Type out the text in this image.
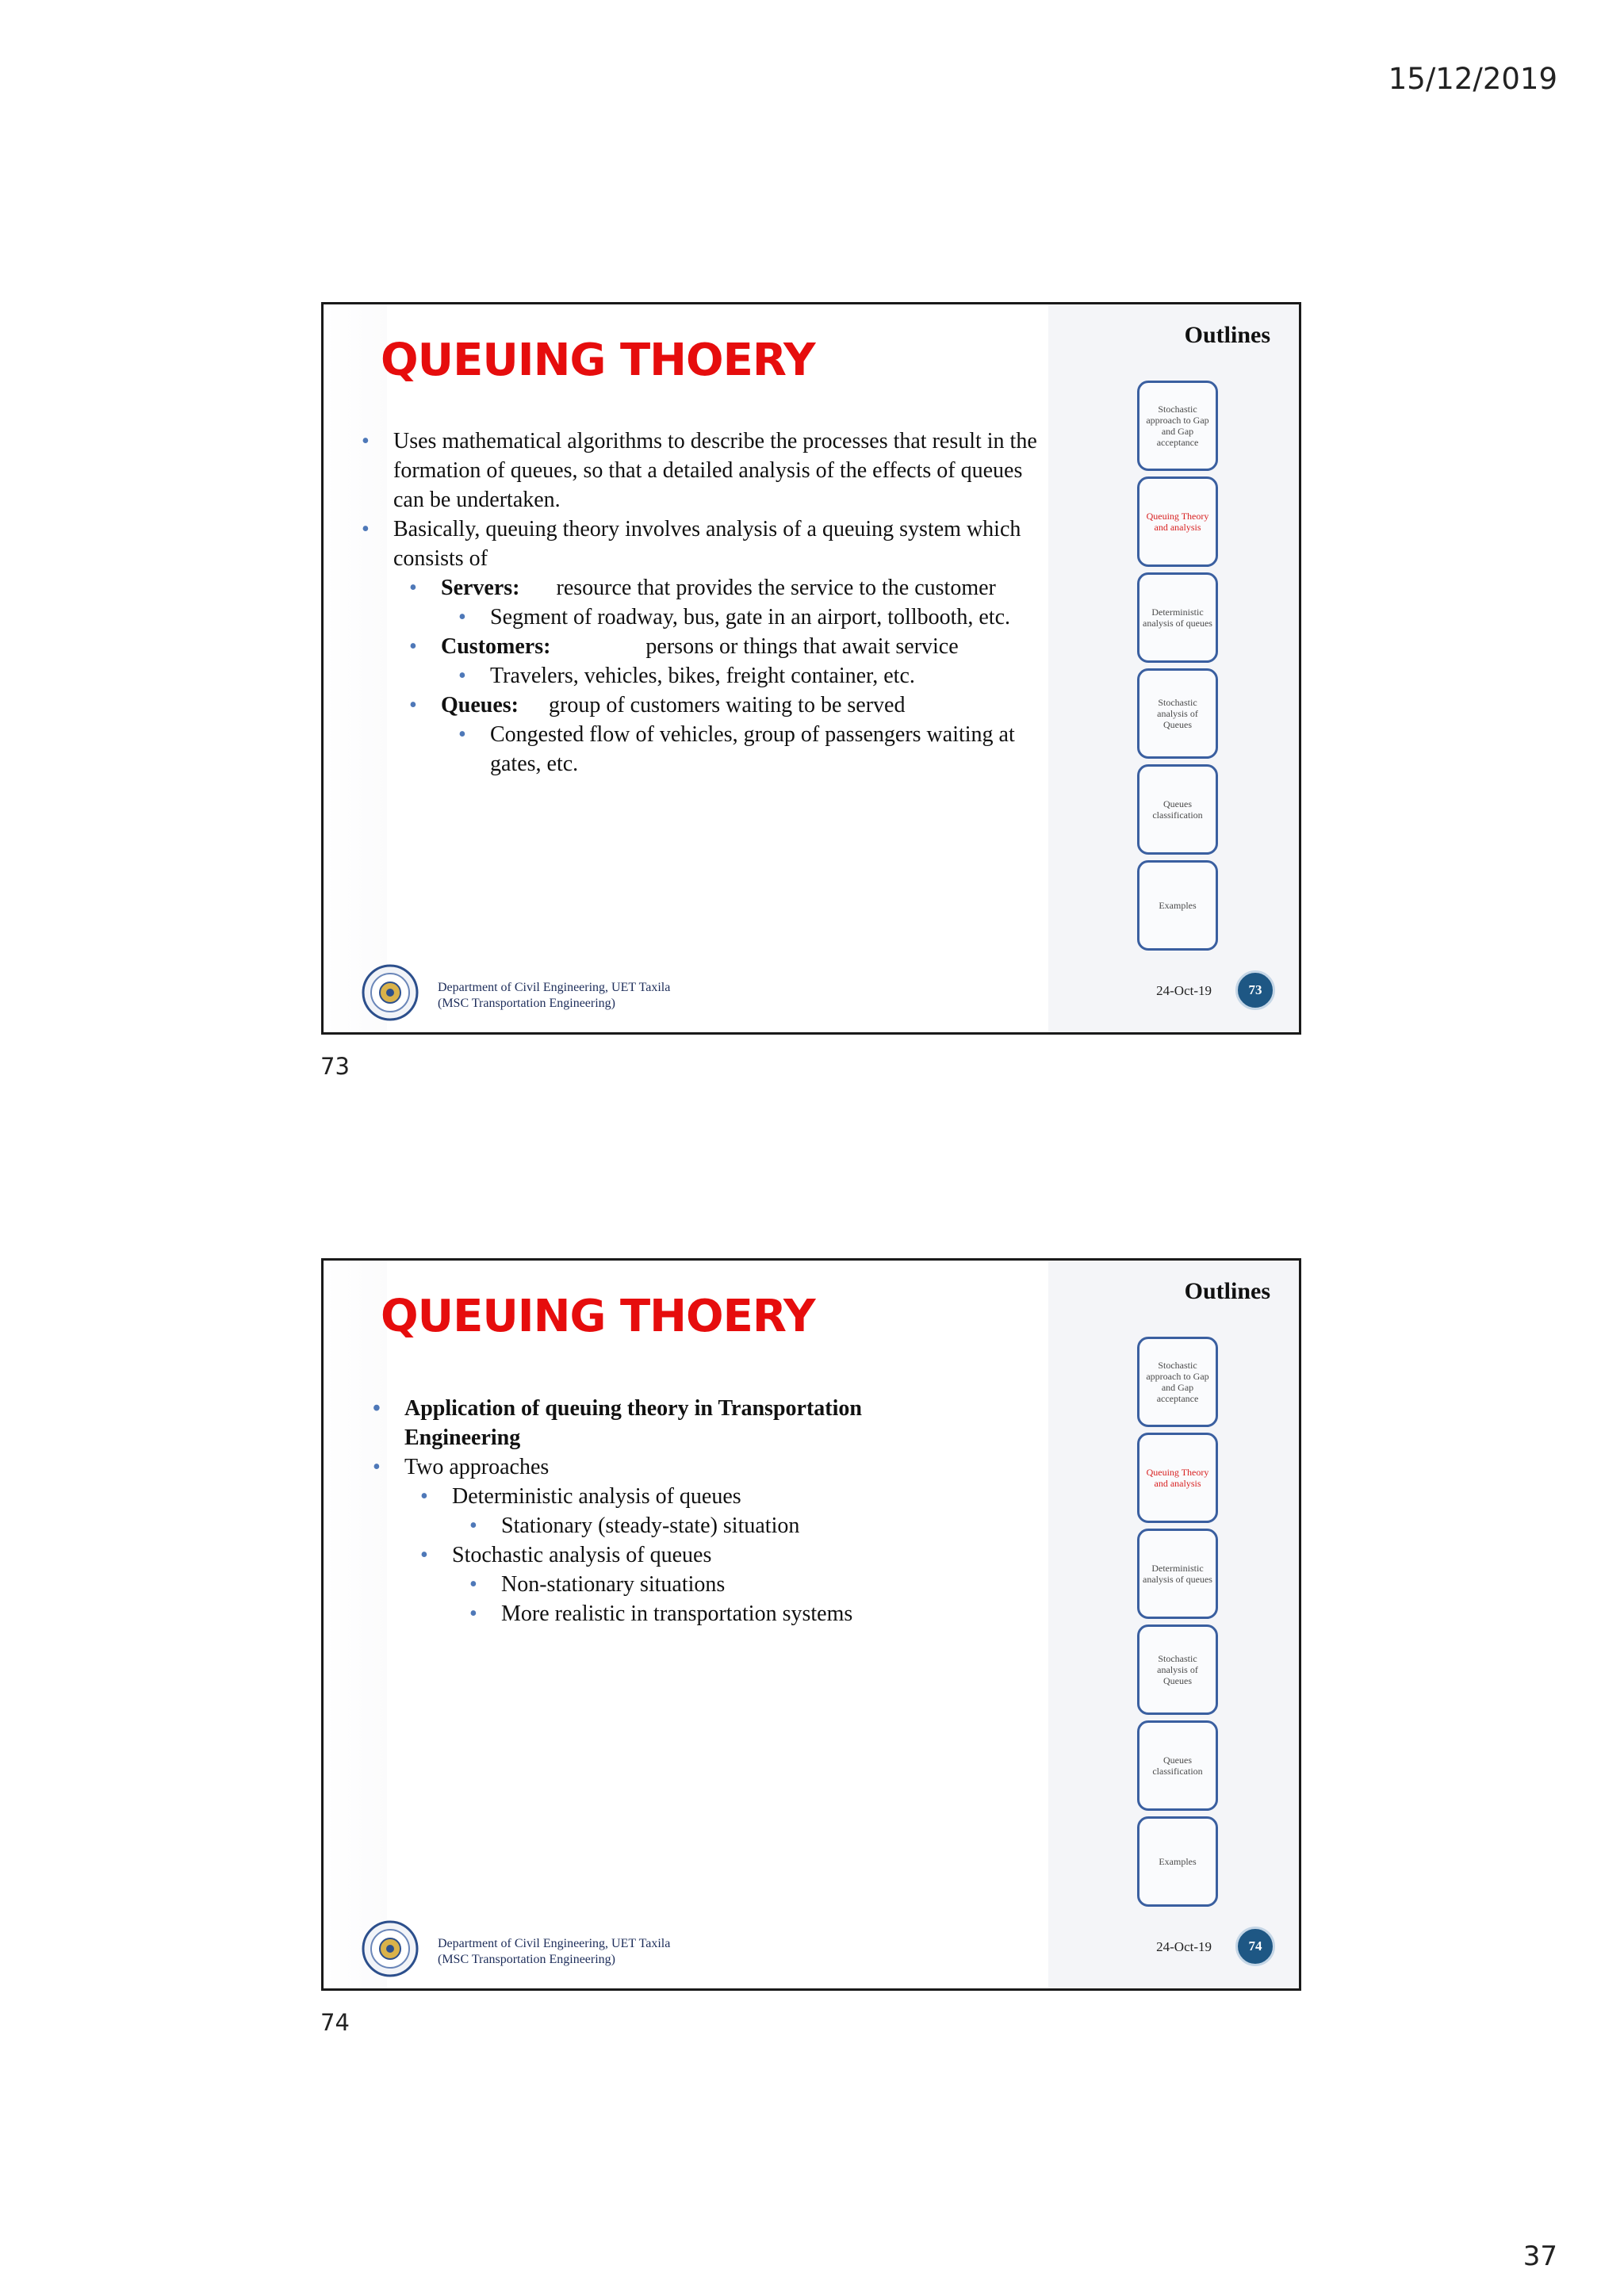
15/12/2019
QUEUING THOERY	Outlines
Stochastic approach to Gap and Gap acceptance
Queuing Theory and analysis
Deterministic analysis of queues
Stochastic analysis of Queues
Queues classification
Examples
• Uses mathematical algorithms to describe the processes that result in the formation of queues, so that a detailed analysis of the effects of queues can be undertaken.
• Basically, queuing theory involves analysis of a queuing system which consists of
• Servers: resource that provides the service to the customer
• Segment of roadway, bus, gate in an airport, tollbooth, etc.
• Customers:	persons or things that await service
• Travelers, vehicles, bikes, freight container, etc.
• Queues: group of customers waiting to be served
• Congested flow of vehicles, group of passengers waiting at gates, etc.
Department of Civil Engineering, UET Taxila
(MSC Transportation Engineering)
24-Oct-19	73
73
QUEUING THOERY	Outlines
Stochastic approach to Gap and Gap acceptance
Queuing Theory and analysis
Deterministic analysis of queues
Stochastic analysis of Queues
Queues classification
Examples
• Application of queuing theory in Transportation Engineering
• Two approaches
• Deterministic analysis of queues
• Stationary (steady-state) situation
• Stochastic analysis of queues
• Non-stationary situations
• More realistic in transportation systems
Department of Civil Engineering, UET Taxila
(MSC Transportation Engineering)
24-Oct-19	74
74
37
